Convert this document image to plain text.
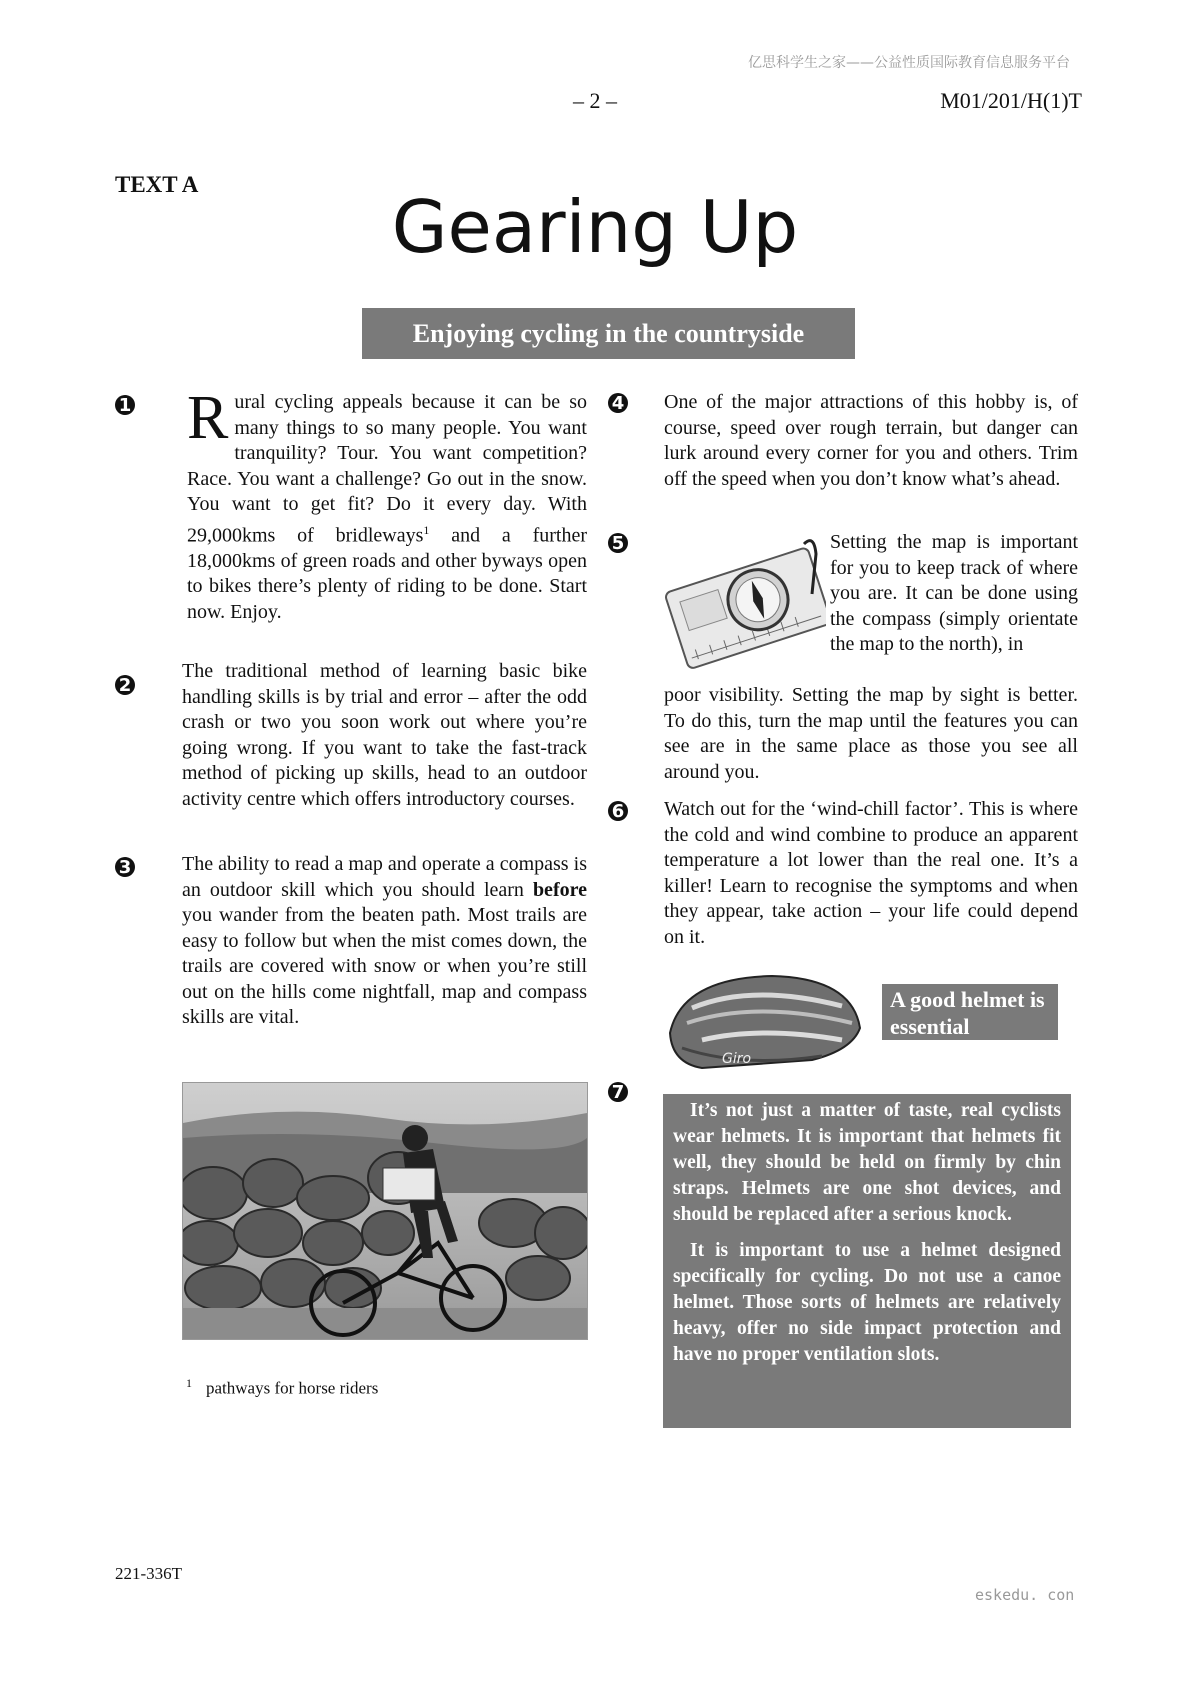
亿思科学生之家——公益性质国际教育信息服务平台
– 2 –	M01/201/H(1)T
TEXT A
Gearing Up
Enjoying cycling in the countryside
1
2
3
4
5
6
7
Rural cycling appeals because it can be so many things to so many people. You want tranquility? Tour. You want competition? Race. You want a challenge? Go out in the snow. You want to get fit? Do it every day. With 29,000kms of bridleways$^1$ and a further 18,000kms of green roads and other byways open to bikes there’s plenty of riding to be done. Start now. Enjoy.
The traditional method of learning basic bike handling skills is by trial and error – after the odd crash or two you soon work out where you’re going wrong. If you want to take the fast-track method of picking up skills, head to an outdoor activity centre which offers introductory courses.
The ability to read a map and operate a compass is an outdoor skill which you should learn before you wander from the beaten path. Most trails are easy to follow but when the mist comes down, the trails are covered with snow or when you’re still out on the hills come nightfall, map and compass skills are vital.
$^1$ pathways for horse riders
One of the major attractions of this hobby is, of course, speed over rough terrain, but danger can lurk around every corner for you and others. Trim off the speed when you don’t know what’s ahead.
Setting the map is important for you to keep track of where you are. It can be done using the compass (simply orientate the map to the north), in
poor visibility. Setting the map by sight is better. To do this, turn the map until the features you can see are in the same place as those you see all around you.
Watch out for the ‘wind-chill factor’. This is where the cold and wind combine to produce an apparent temperature a lot lower than the real one. It’s a killer! Learn to recognise the symptoms and when they appear, take action – your life could depend on it.
Giro
A good helmet is essential

It’s not just a matter of taste, real cyclists wear helmets. It is important that helmets fit well, they should be held on firmly by chin straps. Helmets are one shot devices, and should be replaced after a serious knock.

It is important to use a helmet designed specifically for cycling. Do not use a canoe helmet. Those sorts of helmets are relatively heavy, offer no side impact protection and have no proper ventilation slots.

221-336T
eskedu. con
